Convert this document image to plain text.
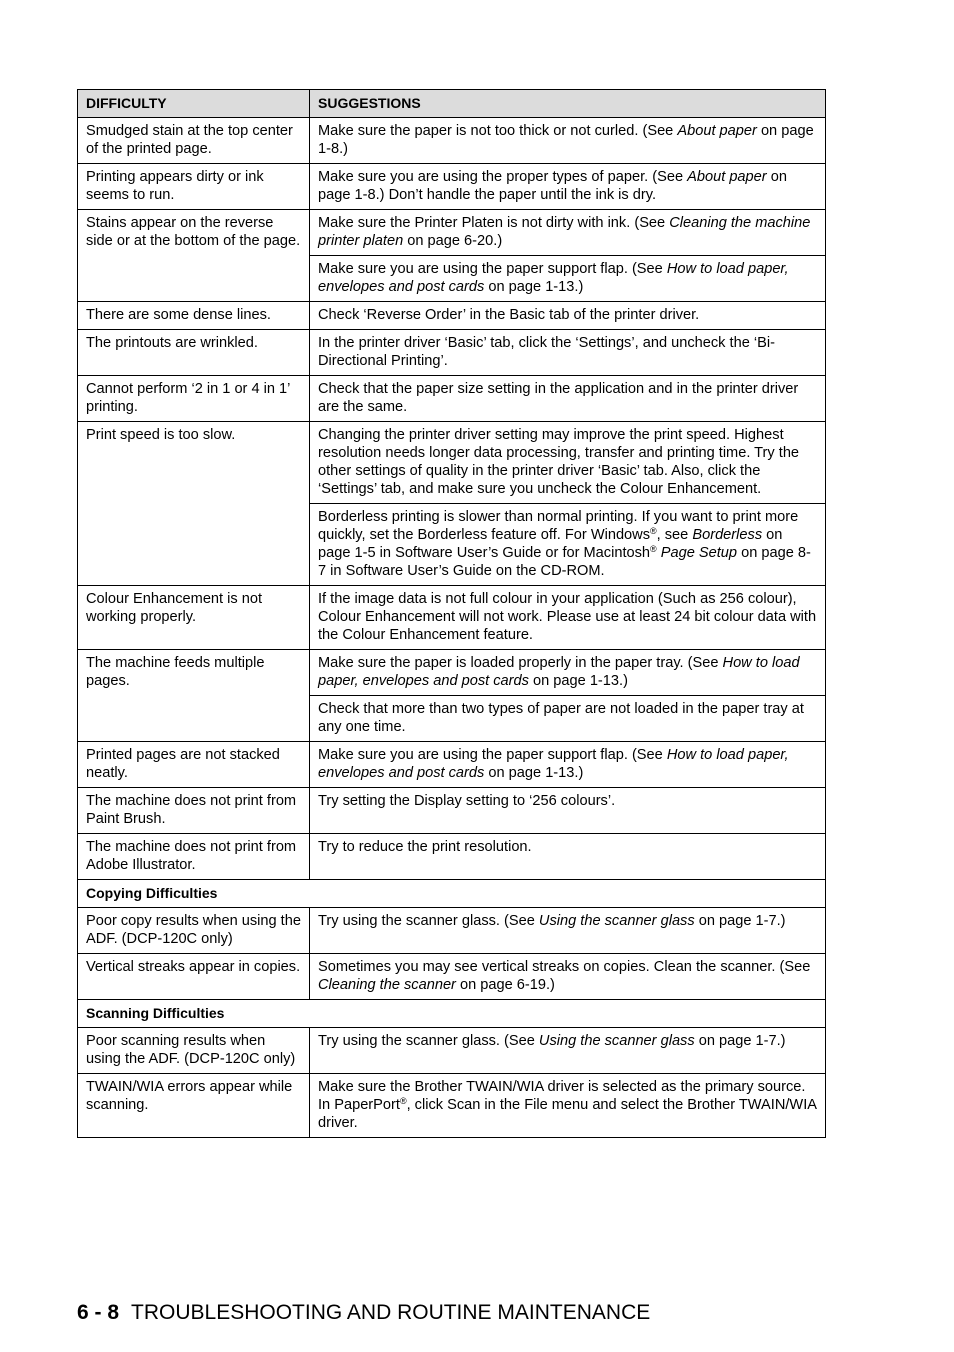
DIFFICULTY	SUGGESTIONS
Smudged stain at the top center of the printed page.	Make sure the paper is not too thick or not curled. (See About paper on page 1-8.)
Printing appears dirty or ink seems to run.	Make sure you are using the proper types of paper. (See About paper on page 1-8.) Don’t handle the paper until the ink is dry.
Stains appear on the reverse side or at the bottom of the page.	Make sure the Printer Platen is not dirty with ink. (See Cleaning the machine printer platen on page 6-20.)
	Make sure you are using the paper support flap. (See How to load paper, envelopes and post cards on page 1-13.)
There are some dense lines.	Check ‘Reverse Order’ in the Basic tab of the printer driver.
The printouts are wrinkled.	In the printer driver ‘Basic’ tab, click the ‘Settings’, and uncheck the ‘Bi-Directional Printing’.
Cannot perform ‘2 in 1 or 4 in 1’ printing.	Check that the paper size setting in the application and in the printer driver are the same.
Print speed is too slow.	Changing the printer driver setting may improve the print speed. Highest resolution needs longer data processing, transfer and printing time. Try the other settings of quality in the printer driver ‘Basic’ tab. Also, click the ‘Settings’ tab, and make sure you uncheck the Colour Enhancement.
	Borderless printing is slower than normal printing. If you want to print more quickly, set the Borderless feature off. For Windows®, see Borderless on page 1-5 in Software User’s Guide or for Macintosh® Page Setup on page 8-7 in Software User’s Guide on the CD-ROM.
Colour Enhancement is not working properly.	If the image data is not full colour in your application (Such as 256 colour), Colour Enhancement will not work. Please use at least 24 bit colour data with the Colour Enhancement feature.
The machine feeds multiple pages.	Make sure the paper is loaded properly in the paper tray. (See How to load paper, envelopes and post cards on page 1-13.)
	Check that more than two types of paper are not loaded in the paper tray at any one time.
Printed pages are not stacked neatly.	Make sure you are using the paper support flap. (See How to load paper, envelopes and post cards on page 1-13.)
The machine does not print from Paint Brush.	Try setting the Display setting to ‘256 colours’.
The machine does not print from Adobe Illustrator.	Try to reduce the print resolution.
Copying Difficulties	
Poor copy results when using the ADF. (DCP-120C only)	Try using the scanner glass. (See Using the scanner glass on page 1-7.)
Vertical streaks appear in copies.	Sometimes you may see vertical streaks on copies. Clean the scanner. (See Cleaning the scanner on page 6-19.)
Scanning Difficulties	
Poor scanning results when using the ADF. (DCP-120C only)	Try using the scanner glass. (See Using the scanner glass on page 1-7.)
TWAIN/WIA errors appear while scanning.	Make sure the Brother TWAIN/WIA driver is selected as the primary source. In PaperPort®, click Scan in the File menu and select the Brother TWAIN/WIA driver.
6 - 8 TROUBLESHOOTING AND ROUTINE MAINTENANCE
